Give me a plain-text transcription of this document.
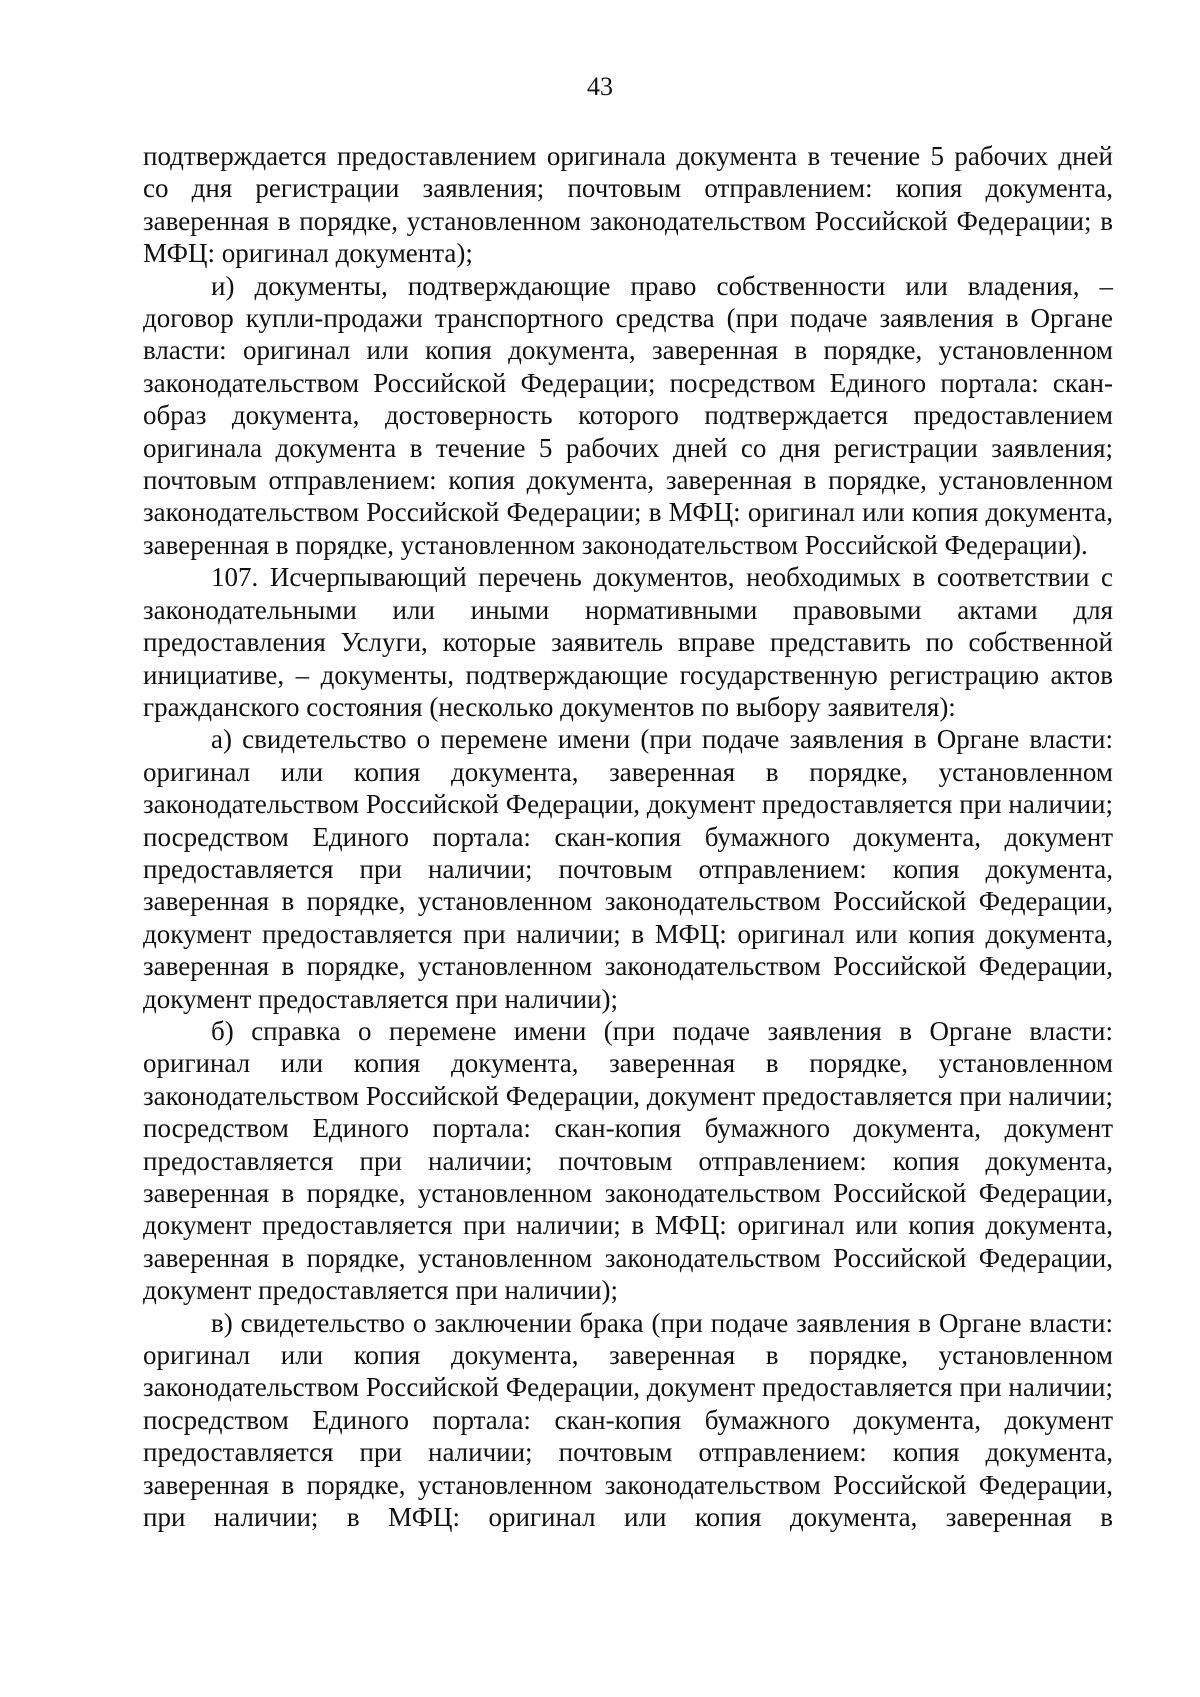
43

подтверждается предоставлением оригинала документа в течение 5 рабочих дней со дня регистрации заявления; почтовым отправлением: копия документа, заверенная в порядке, установленном законодательством Российской Федерации; в МФЦ: оригинал документа);

и) документы, подтверждающие право собственности или владения, – договор купли-продажи транспортного средства (при подаче заявления в Органе власти: оригинал или копия документа, заверенная в порядке, установленном законодательством Российской Федерации; посредством Единого портала: скан-образ документа, достоверность которого подтверждается предоставлением оригинала документа в течение 5 рабочих дней со дня регистрации заявления; почтовым отправлением: копия документа, заверенная в порядке, установленном законодательством Российской Федерации; в МФЦ: оригинал или копия документа, заверенная в порядке, установленном законодательством Российской Федерации).

107. Исчерпывающий перечень документов, необходимых в соответствии с законодательными или иными нормативными правовыми актами для предоставления Услуги, которые заявитель вправе представить по собственной инициативе, – документы, подтверждающие государственную регистрацию актов гражданского состояния (несколько документов по выбору заявителя):

а) свидетельство о перемене имени (при подаче заявления в Органе власти: оригинал или копия документа, заверенная в порядке, установленном законодательством Российской Федерации, документ предоставляется при наличии; посредством Единого портала: скан-копия бумажного документа, документ предоставляется при наличии; почтовым отправлением: копия документа, заверенная в порядке, установленном законодательством Российской Федерации, документ предоставляется при наличии; в МФЦ: оригинал или копия документа, заверенная в порядке, установленном законодательством Российской Федерации, документ предоставляется при наличии);

б) справка о перемене имени (при подаче заявления в Органе власти: оригинал или копия документа, заверенная в порядке, установленном законодательством Российской Федерации, документ предоставляется при наличии; посредством Единого портала: скан-копия бумажного документа, документ предоставляется при наличии; почтовым отправлением: копия документа, заверенная в порядке, установленном законодательством Российской Федерации, документ предоставляется при наличии; в МФЦ: оригинал или копия документа, заверенная в порядке, установленном законодательством Российской Федерации, документ предоставляется при наличии);

в) свидетельство о заключении брака (при подаче заявления в Органе власти: оригинал или копия документа, заверенная в порядке, установленном законодательством Российской Федерации, документ предоставляется при наличии; посредством Единого портала: скан-копия бумажного документа, документ предоставляется при наличии; почтовым отправлением: копия документа, заверенная в порядке, установленном законодательством Российской Федерации, при наличии; в МФЦ: оригинал или копия документа, заверенная в
